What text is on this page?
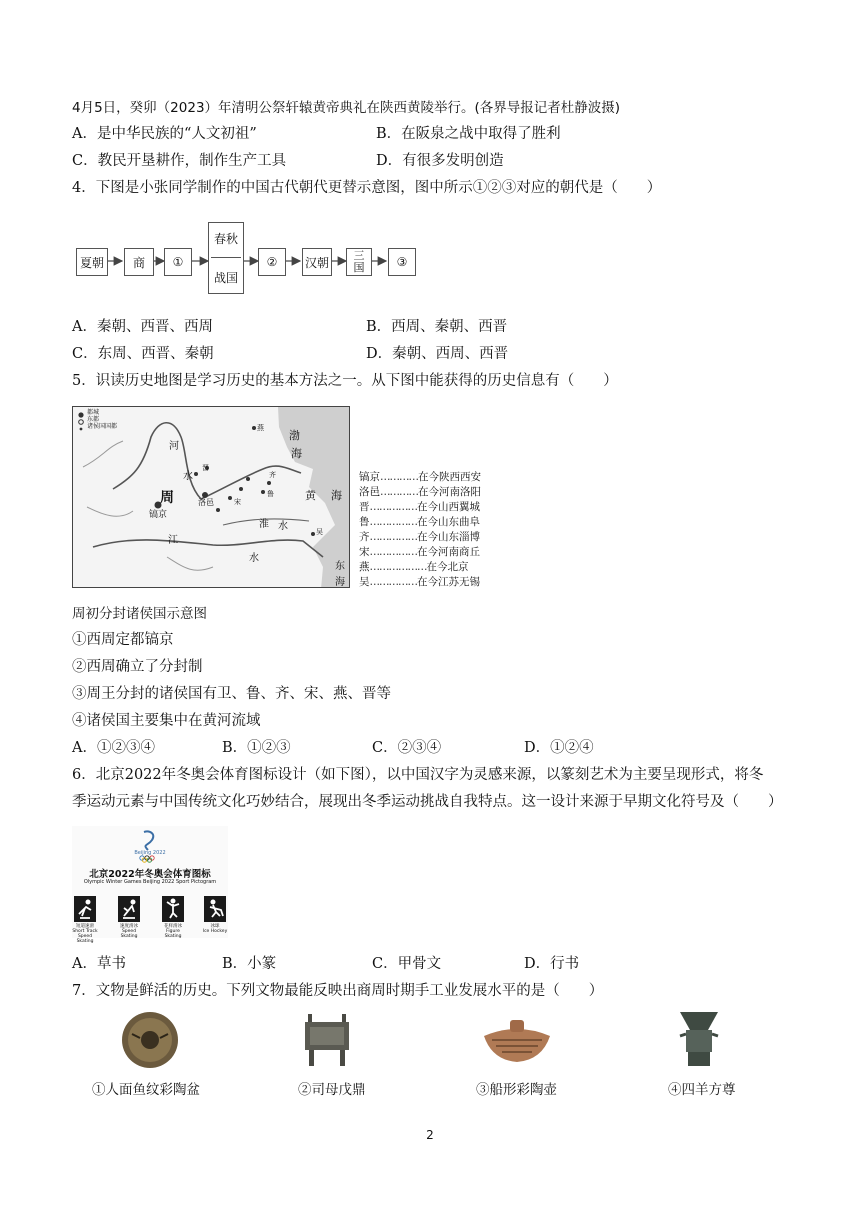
4月5日，癸卯（2023）年清明公祭轩辕黄帝典礼在陕西黄陵举行。(各界导报记者杜静波摄)
A．是中华民族的“人文初祖”	B．在阪泉之战中取得了胜利
C．教民开垦耕作，制作生产工具	D．有很多发明创造
4．下图是小张同学制作的中国古代朝代更替示意图，图中所示①②③对应的朝代是（　　）
夏朝	商	①
春秋
战国
②	汉朝	三
国	③
A．秦朝、西晋、西周	B．西周、秦朝、西晋
C．东周、西晋、秦朝	D．秦朝、西周、西晋
5．识读历史地图是学习历史的基本方法之一。从下图中能获得的历史信息有（　　）
都城
东都
诸侯国国都
周
镐京
洛邑
河
水
晋
燕
齐
鲁
宋
吴
渤
海
黄 海
江
水
淮 水
东
海
镐京…………在今陕西西安
洛邑…………在今河南洛阳
晋……………在今山西翼城
鲁……………在今山东曲阜
齐……………在今山东淄博
宋……………在今河南商丘
燕………………在今北京
吴……………在今江苏无锡
周初分封诸侯国示意图
①西周定都镐京
②西周确立了分封制
③周王分封的诸侯国有卫、鲁、齐、宋、燕、晋等
④诸侯国主要集中在黄河流域
A．①②③④	B．①②③	C．②③④	D．①②④
6．北京2022年冬奥会体育图标设计（如下图），以中国汉字为灵感来源，以篆刻艺术为主要呈现形式，将冬
季运动元素与中国传统文化巧妙结合，展现出冬季运动挑战自我特点。这一设计来源于早期文化符号及（　　）
Beijing 2022
北京2022年冬奥会体育图标
Olympic Winter Games Beijing 2022 Sport Pictogram
短道速滑
Short Track Speed Skating
速度滑冰
Speed Skating
花样滑冰
Figure Skating
冰球
Ice Hockey
A．草书	B．小篆	C．甲骨文	D．行书
7．文物是鲜活的历史。下列文物最能反映出商周时期手工业发展水平的是（　　）
①人面鱼纹彩陶盆	②司母戊鼎	③船形彩陶壶	④四羊方尊
2
